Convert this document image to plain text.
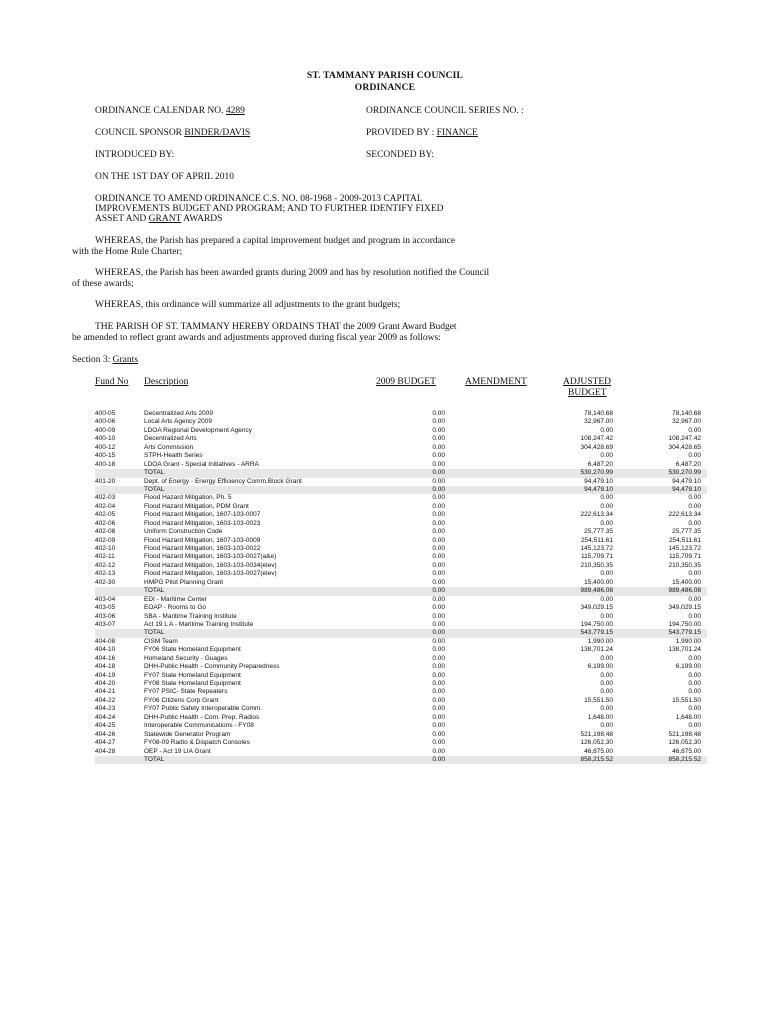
ST. TAMMANY PARISH COUNCIL
ORDINANCE
ORDINANCE CALENDAR NO. 4289	ORDINANCE COUNCIL SERIES NO. :
COUNCIL SPONSOR BINDER/DAVIS	PROVIDED BY : FINANCE
INTRODUCED BY:	SECONDED BY:
ON THE 1ST DAY OF APRIL 2010
ORDINANCE TO AMEND ORDINANCE C.S. NO. 08-1968 - 2009-2013 CAPITAL
IMPROVEMENTS BUDGET AND PROGRAM; AND TO FURTHER IDENTIFY FIXED
ASSET AND GRANT AWARDS
WHEREAS, the Parish has prepared a capital improvement budget and program in accordance
with the Home Rule Charter;
WHEREAS, the Parish has been awarded grants during 2009 and has by resolution notified the Council
of these awards;
WHEREAS, this ordinance will summarize all adjustments to the grant budgets;
THE PARISH OF ST. TAMMANY HEREBY ORDAINS THAT the 2009 Grant Award Budget
be amended to reflect grant awards and adjustments approved during fiscal year 2009 as follows:
Section 3: Grants
Fund No Description	2009 BUDGET	AMENDMENT	ADJUSTED
BUDGET
400-05	Decentralized Arts 2009	0.00	78,140.68	78,140.68
400-06	Local Arts Agency 2009	0.00	32,967.00	32,967.00
400-09	LDOA Regional Development Agency	0.00	0.00	0.00
400-10	Decentralized Arts	0.00	108,247.42	108,247.42
400-12	Arts Commission	0.00	304,428.69	304,428.65
400-15	STPH-Health Series	0.00	0.00	0.00
400-18	LDOA Grant - Special Initiatives - ARRA	0.00	6,487.20	6,487.20
TOTAL	0.00	530,270.99	530,270.99
401-20	Dept. of Energy - Energy Efficiency Comm.Block Grant	0.00	94,479.10	94,479.10
TOTAL	0.00	94,479.10	94,479.10
402-03	Flood Hazard Mitigation, Ph. 5	0.00	0.00	0.00
402-04	Flood Hazard Mitigation, PDM Grant	0.00	0.00	0.00
402-05	Flood Hazard Mitigation, 1607-103-0007	0.00	222,613.34	222,613.34
402-06	Flood Hazard Mitigation, 1603-103-0023	0.00	0.00	0.00
402-08	Uniform Construction Code	0.00	25,777.35	25,777.35
402-09	Flood Hazard Mitigation, 1607-103-0009	0.00	254,511.61	254,511.61
402-10	Flood Hazard Mitigation, 1603-103-0022	0.00	145,123.72	145,123.72
402-11	Flood Hazard Mitigation, 1603-103-0027(a&e)	0.00	115,709.71	115,709.71
402-12	Flood Hazard Mitigation, 1603-103-0034(elev)	0.00	210,350.35	210,350.35
402-13	Flood Hazard Mitigation, 1603-103-0027(elev)	0.00	0.00	0.00
402-30	HMPG Pilot Planning Grant	0.00	15,400.00	15,400.00
TOTAL	0.00	989,486.08	989,486.08
403-04	EDI - Maritime Center	0.00	0.00	0.00
403-05	EOAP - Rooms to Go	0.00	349,029.15	349,029.15
403-06	SBA - Maritime Training Institute	0.00	0.00	0.00
403-07	Act 19 L A - Maritime Training Institute	0.00	194,750.00	194,750.00
TOTAL	0.00	543,779.15	543,779.15
404-08	CISM Team	0.00	1,990.00	1,990.00
404-10	FY06 State Homeland Equipment	0.00	138,701.24	138,701.24
404-16	Homeland Security - Guages	0.00	0.00	0.00
404-18	DHH-Public Health - Community Preparedness	0.00	6,199.00	6,199.00
404-19	FY07 State Homeland Equipment	0.00	0.00	0.00
404-20	FY08 State Homeland Equipment	0.00	0.00	0.00
404-21	FY07 PSIC- State Repeaters	0.00	0.00	0.00
404-22	FY06 Citizens Corp Grant	0.00	15,551.50	15,551.50
404-23	FY07 Public Safety Interoperable Comm.	0.00	0.00	0.00
404-24	DHH-Public Health - Com. Prep. Radios	0.00	1,648.00	1,648.00
404-25	Interoperable Communications - FY08	0.00	0.00	0.00
404-26	Statewide Generator Program	0.00	521,198.48	521,198.48
404-27	FY08-09 Radio & Dispatch Consoles	0.00	126,052.30	126,052.30
404-28	OEP - Act 19 LIA Grant	0.00	46,875.00	46,875.00
TOTAL	0.00	858,215.52	858,215.52
